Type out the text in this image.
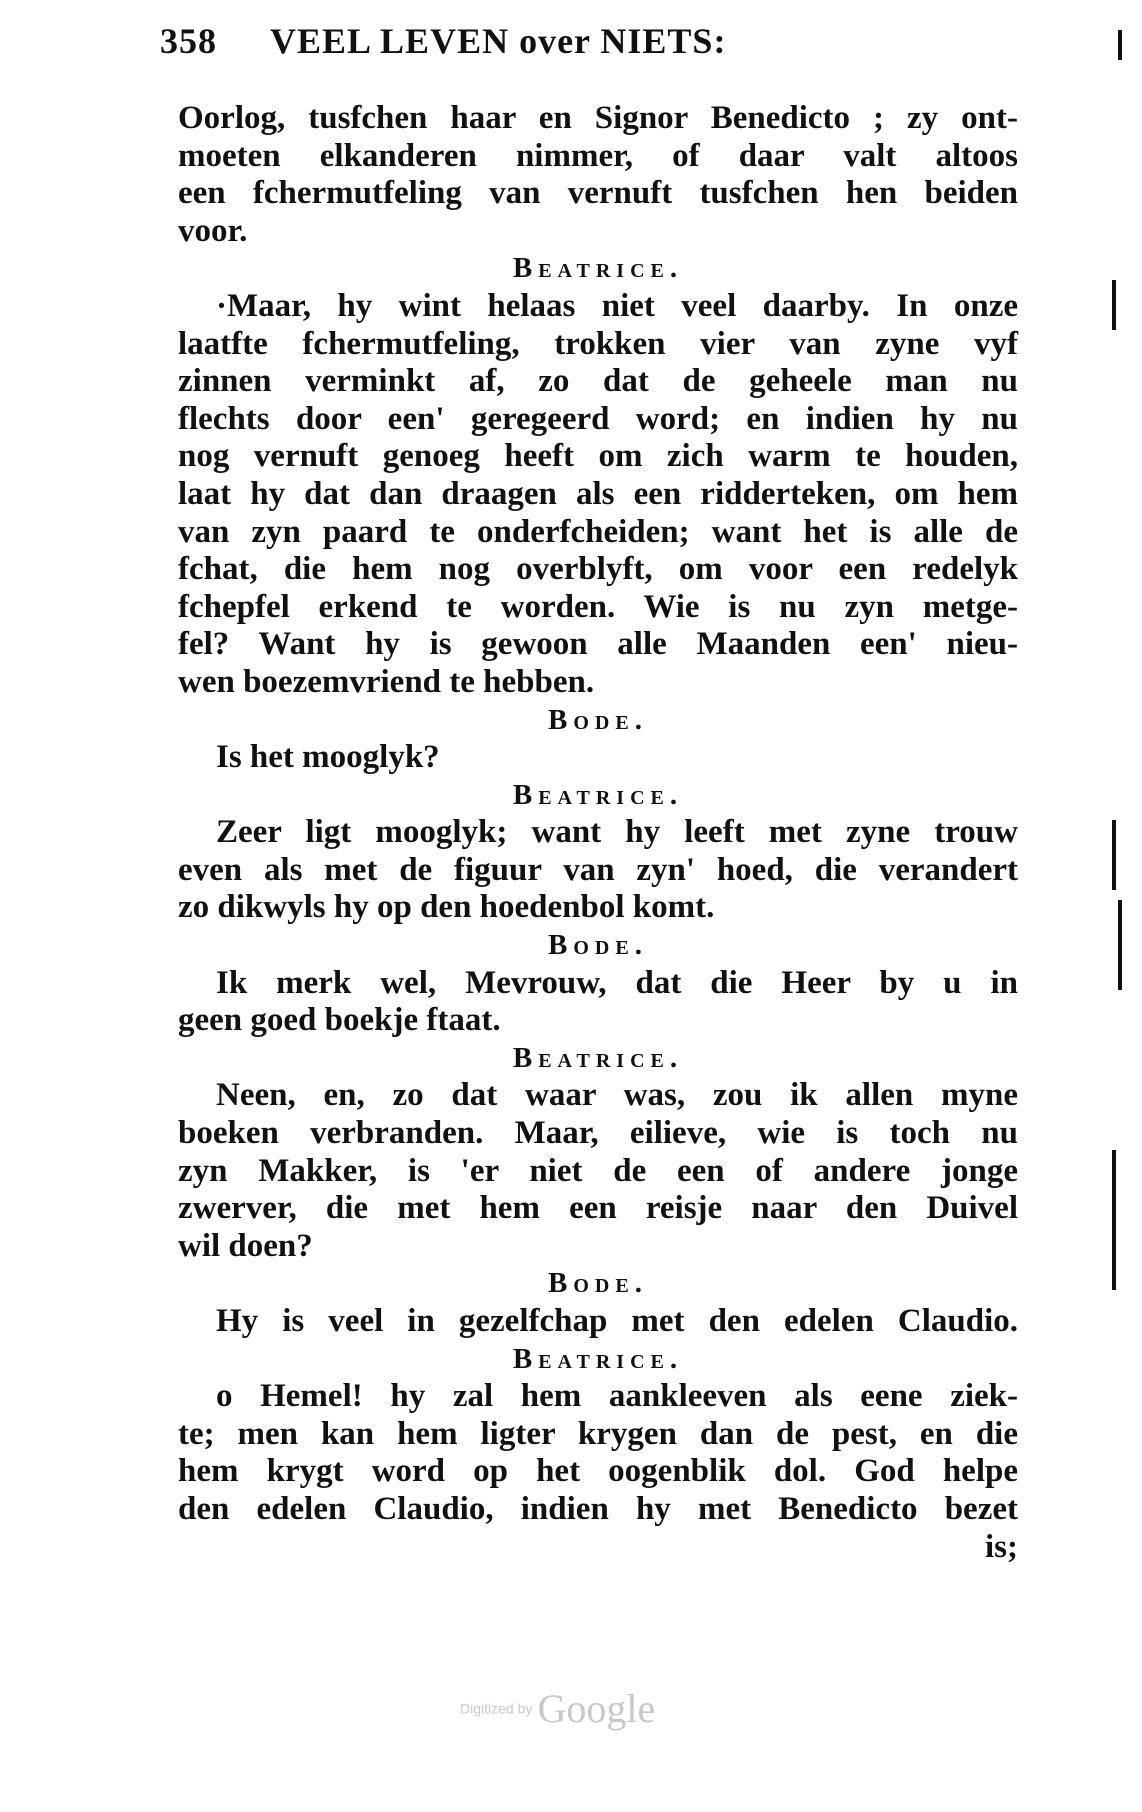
358 VEEL LEVEN over NIETS:
Oorlog, tusfchen haar en Signor Benedicto ; zy ont-
moeten elkanderen nimmer, of daar valt altoos
een fchermutfeling van vernuft tusfchen hen beiden
voor.
Beatrice.
·Maar, hy wint helaas niet veel daarby. In onze
laatfte fchermutfeling, trokken vier van zyne vyf
zinnen verminkt af, zo dat de geheele man nu
flechts door een' geregeerd word; en indien hy nu
nog vernuft genoeg heeft om zich warm te houden,
laat hy dat dan draagen als een ridderteken, om hem
van zyn paard te onderfcheiden; want het is alle de
fchat, die hem nog overblyft, om voor een redelyk
fchepfel erkend te worden. Wie is nu zyn metge-
fel? Want hy is gewoon alle Maanden een' nieu-
wen boezemvriend te hebben.
Bode.
Is het mooglyk?
Beatrice.
Zeer ligt mooglyk; want hy leeft met zyne trouw
even als met de figuur van zyn' hoed, die verandert
zo dikwyls hy op den hoedenbol komt.
Bode.
Ik merk wel, Mevrouw, dat die Heer by u in
geen goed boekje ftaat.
Beatrice.
Neen, en, zo dat waar was, zou ik allen myne
boeken verbranden. Maar, eilieve, wie is toch nu
zyn Makker, is 'er niet de een of andere jonge
zwerver, die met hem een reisje naar den Duivel
wil doen?
Bode.
Hy is veel in gezelfchap met den edelen Claudio.
Beatrice.
o Hemel! hy zal hem aankleeven als eene ziek-
te; men kan hem ligter krygen dan de pest, en die
hem krygt word op het oogenblik dol. God helpe
den edelen Claudio, indien hy met Benedicto bezet
is;
Digitized by Google
